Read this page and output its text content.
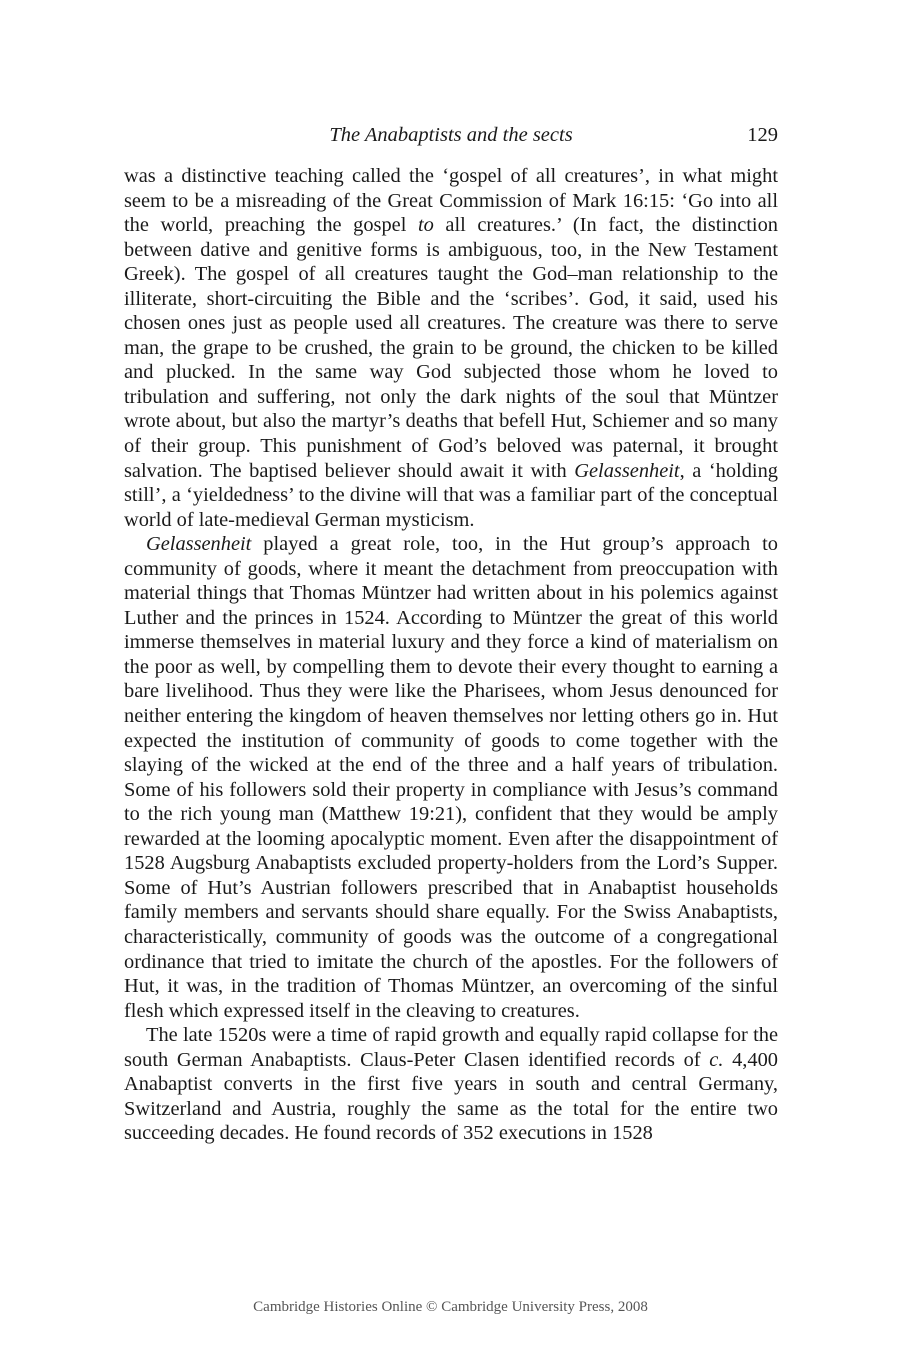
The Anabaptists and the sects	129

was a distinctive teaching called the ‘gospel of all creatures’, in what might seem to be a misreading of the Great Commission of Mark 16:15: ‘Go into all the world, preaching the gospel to all creatures.’ (In fact, the distinction between dative and genitive forms is ambiguous, too, in the New Testament Greek). The gospel of all creatures taught the God–man relationship to the illiterate, short-circuiting the Bible and the ‘scribes’. God, it said, used his chosen ones just as people used all creatures. The creature was there to serve man, the grape to be crushed, the grain to be ground, the chicken to be killed and plucked. In the same way God subjected those whom he loved to tribulation and suffering, not only the dark nights of the soul that Müntzer wrote about, but also the martyr’s deaths that befell Hut, Schiemer and so many of their group. This punishment of God’s beloved was paternal, it brought salvation. The baptised believer should await it with Gelassenheit, a ‘holding still’, a ‘yieldedness’ to the divine will that was a familiar part of the conceptual world of late-medieval German mysticism.

Gelassenheit played a great role, too, in the Hut group’s approach to community of goods, where it meant the detachment from preoccupation with material things that Thomas Müntzer had written about in his polemics against Luther and the princes in 1524. According to Müntzer the great of this world immerse themselves in material luxury and they force a kind of materialism on the poor as well, by compelling them to devote their every thought to earning a bare livelihood. Thus they were like the Pharisees, whom Jesus denounced for neither entering the kingdom of heaven themselves nor letting others go in. Hut expected the institution of community of goods to come together with the slaying of the wicked at the end of the three and a half years of tribulation. Some of his followers sold their property in compliance with Jesus’s command to the rich young man (Matthew 19:21), confident that they would be amply rewarded at the looming apocalyptic moment. Even after the disappointment of 1528 Augsburg Anabaptists excluded property-holders from the Lord’s Supper. Some of Hut’s Austrian followers prescribed that in Anabaptist households family members and servants should share equally. For the Swiss Anabaptists, characteristically, community of goods was the outcome of a congregational ordinance that tried to imitate the church of the apostles. For the followers of Hut, it was, in the tradition of Thomas Müntzer, an overcoming of the sinful flesh which expressed itself in the cleaving to creatures.

The late 1520s were a time of rapid growth and equally rapid collapse for the south German Anabaptists. Claus-Peter Clasen identified records of c. 4,400 Anabaptist converts in the first five years in south and central Germany, Switzerland and Austria, roughly the same as the total for the entire two succeeding decades. He found records of 352 executions in 1528

Cambridge Histories Online © Cambridge University Press, 2008
